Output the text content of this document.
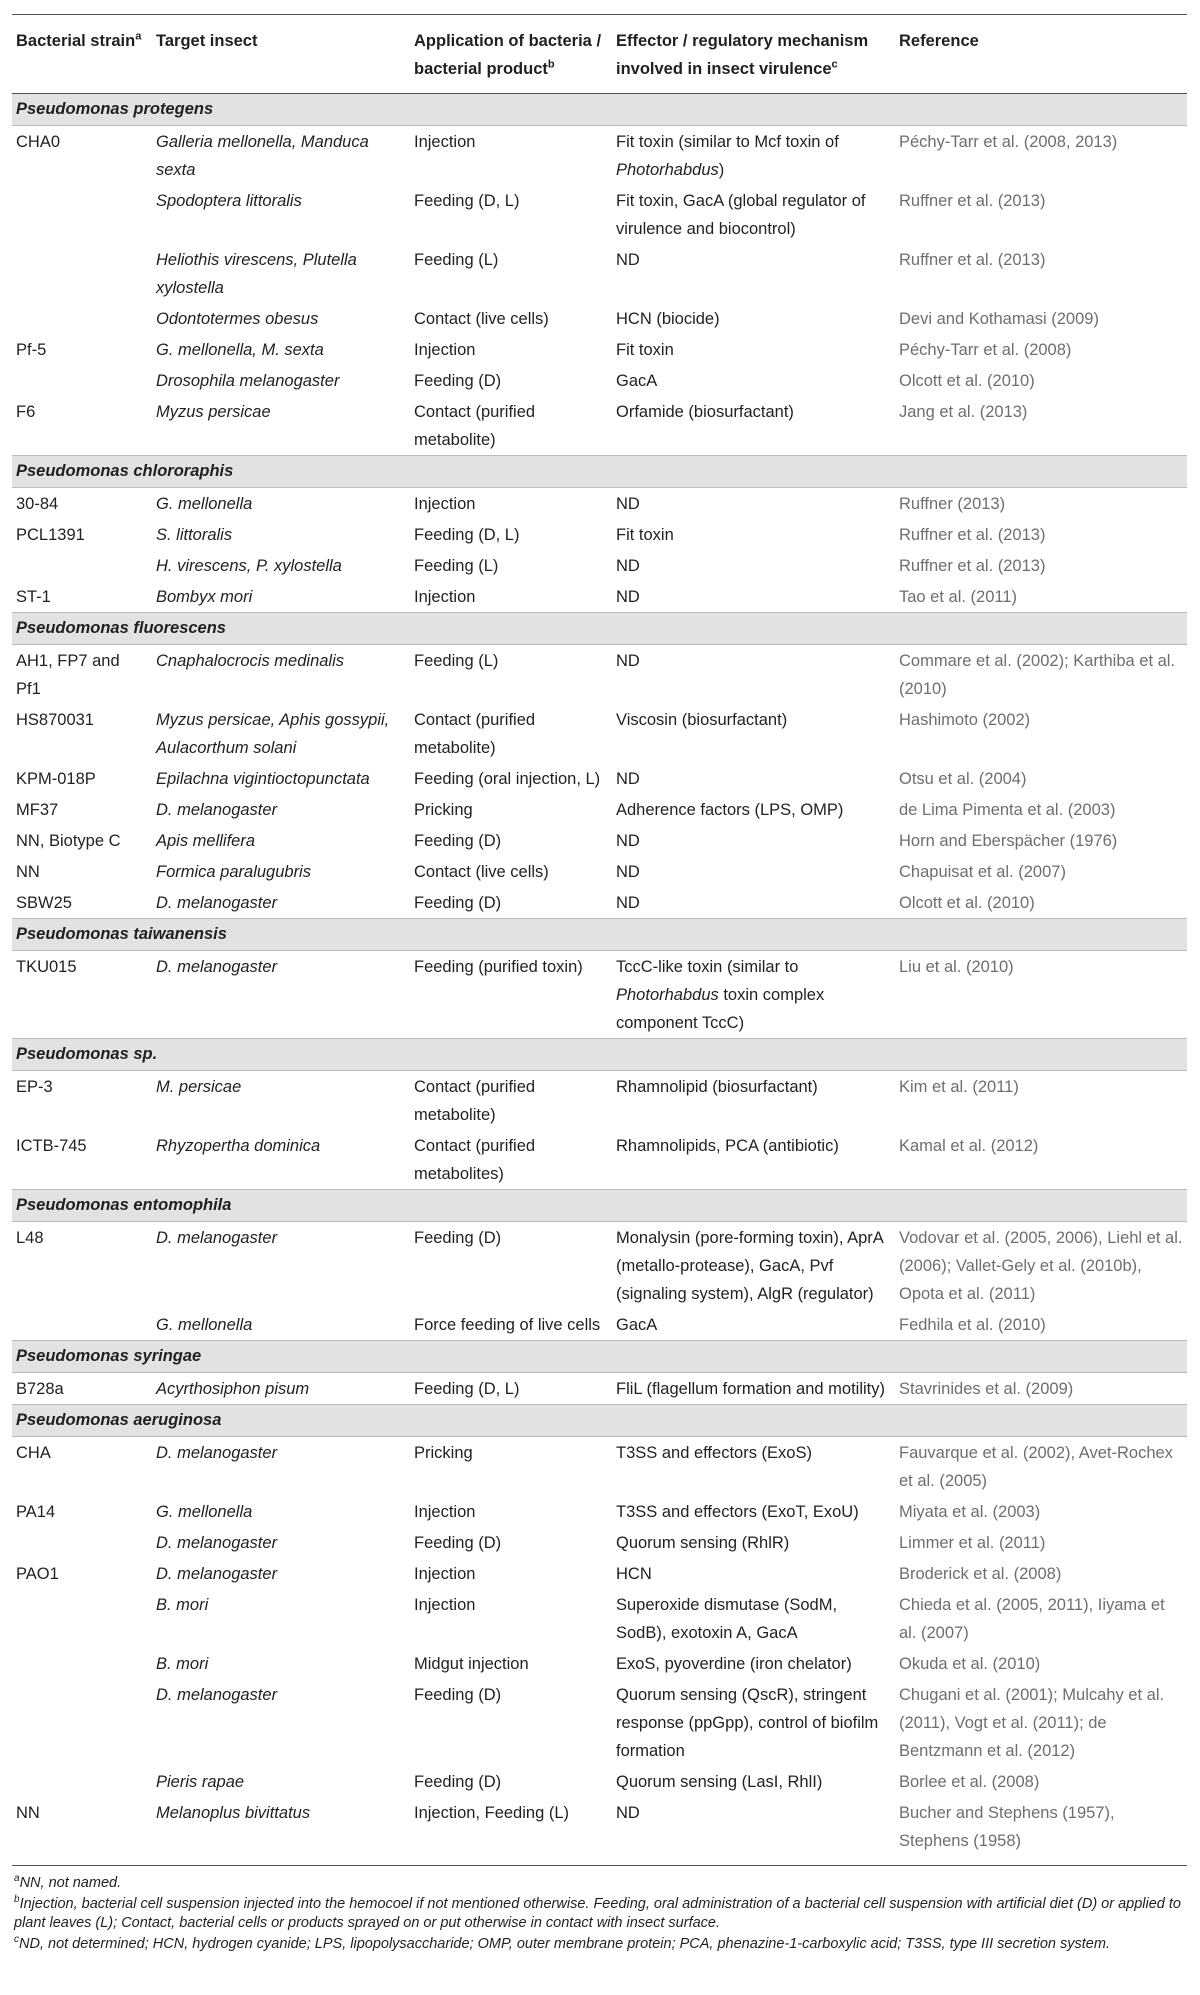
Bacterial strain$^a$	Target insect	Application of bacteria / bacterial product$^b$	Effector / regulatory mechanism involved in insect virulence$^c$	Reference
Pseudomonas protegens				
CHA0	Galleria mellonella, Manduca sexta	Injection	Fit toxin (similar to Mcf toxin of Photorhabdus)	Péchy-Tarr et al. (2008, 2013)
	Spodoptera littoralis	Feeding (D, L)	Fit toxin, GacA (global regulator of virulence and biocontrol)	Ruffner et al. (2013)
	Heliothis virescens, Plutella xylostella	Feeding (L)	ND	Ruffner et al. (2013)
	Odontotermes obesus	Contact (live cells)	HCN (biocide)	Devi and Kothamasi (2009)
Pf-5	G. mellonella, M. sexta	Injection	Fit toxin	Péchy-Tarr et al. (2008)
	Drosophila melanogaster	Feeding (D)	GacA	Olcott et al. (2010)
F6	Myzus persicae	Contact (purified metabolite)	Orfamide (biosurfactant)	Jang et al. (2013)
Pseudomonas chlororaphis				
30-84	G. mellonella	Injection	ND	Ruffner (2013)
PCL1391	S. littoralis	Feeding (D, L)	Fit toxin	Ruffner et al. (2013)
	H. virescens, P. xylostella	Feeding (L)	ND	Ruffner et al. (2013)
ST-1	Bombyx mori	Injection	ND	Tao et al. (2011)
Pseudomonas fluorescens				
AH1, FP7 and Pf1	Cnaphalocrocis medinalis	Feeding (L)	ND	Commare et al. (2002); Karthiba et al. (2010)
HS870031	Myzus persicae, Aphis gossypii, Aulacorthum solani	Contact (purified metabolite)	Viscosin (biosurfactant)	Hashimoto (2002)
KPM-018P	Epilachna vigintioctopunctata	Feeding (oral injection, L)	ND	Otsu et al. (2004)
MF37	D. melanogaster	Pricking	Adherence factors (LPS, OMP)	de Lima Pimenta et al. (2003)
NN, Biotype C	Apis mellifera	Feeding (D)	ND	Horn and Eberspächer (1976)
NN	Formica paralugubris	Contact (live cells)	ND	Chapuisat et al. (2007)
SBW25	D. melanogaster	Feeding (D)	ND	Olcott et al. (2010)
Pseudomonas taiwanensis				
TKU015	D. melanogaster	Feeding (purified toxin)	TccC-like toxin (similar to Photorhabdus toxin complex component TccC)	Liu et al. (2010)
Pseudomonas sp.				
EP-3	M. persicae	Contact (purified metabolite)	Rhamnolipid (biosurfactant)	Kim et al. (2011)
ICTB-745	Rhyzopertha dominica	Contact (purified metabolites)	Rhamnolipids, PCA (antibiotic)	Kamal et al. (2012)
Pseudomonas entomophila				
L48	D. melanogaster	Feeding (D)	Monalysin (pore-forming toxin), AprA (metallo-protease), GacA, Pvf (signaling system), AlgR (regulator)	Vodovar et al. (2005, 2006), Liehl et al. (2006); Vallet-Gely et al. (2010b), Opota et al. (2011)
	G. mellonella	Force feeding of live cells	GacA	Fedhila et al. (2010)
Pseudomonas syringae				
B728a	Acyrthosiphon pisum	Feeding (D, L)	FliL (flagellum formation and motility)	Stavrinides et al. (2009)
Pseudomonas aeruginosa				
CHA	D. melanogaster	Pricking	T3SS and effectors (ExoS)	Fauvarque et al. (2002), Avet-Rochex et al. (2005)
PA14	G. mellonella	Injection	T3SS and effectors (ExoT, ExoU)	Miyata et al. (2003)
	D. melanogaster	Feeding (D)	Quorum sensing (RhlR)	Limmer et al. (2011)
PAO1	D. melanogaster	Injection	HCN	Broderick et al. (2008)
	B. mori	Injection	Superoxide dismutase (SodM, SodB), exotoxin A, GacA	Chieda et al. (2005, 2011), Iiyama et al. (2007)
	B. mori	Midgut injection	ExoS, pyoverdine (iron chelator)	Okuda et al. (2010)
	D. melanogaster	Feeding (D)	Quorum sensing (QscR), stringent response (ppGpp), control of biofilm formation	Chugani et al. (2001); Mulcahy et al. (2011), Vogt et al. (2011); de Bentzmann et al. (2012)
	Pieris rapae	Feeding (D)	Quorum sensing (LasI, RhlI)	Borlee et al. (2008)
NN	Melanoplus bivittatus	Injection, Feeding (L)	ND	Bucher and Stephens (1957), Stephens (1958)

$^a$NN, not named.

$^b$Injection, bacterial cell suspension injected into the hemocoel if not mentioned otherwise. Feeding, oral administration of a bacterial cell suspension with artificial diet (D) or applied to plant leaves (L); Contact, bacterial cells or products sprayed on or put otherwise in contact with insect surface.

$^c$ND, not determined; HCN, hydrogen cyanide; LPS, lipopolysaccharide; OMP, outer membrane protein; PCA, phenazine-1-carboxylic acid; T3SS, type III secretion system.
